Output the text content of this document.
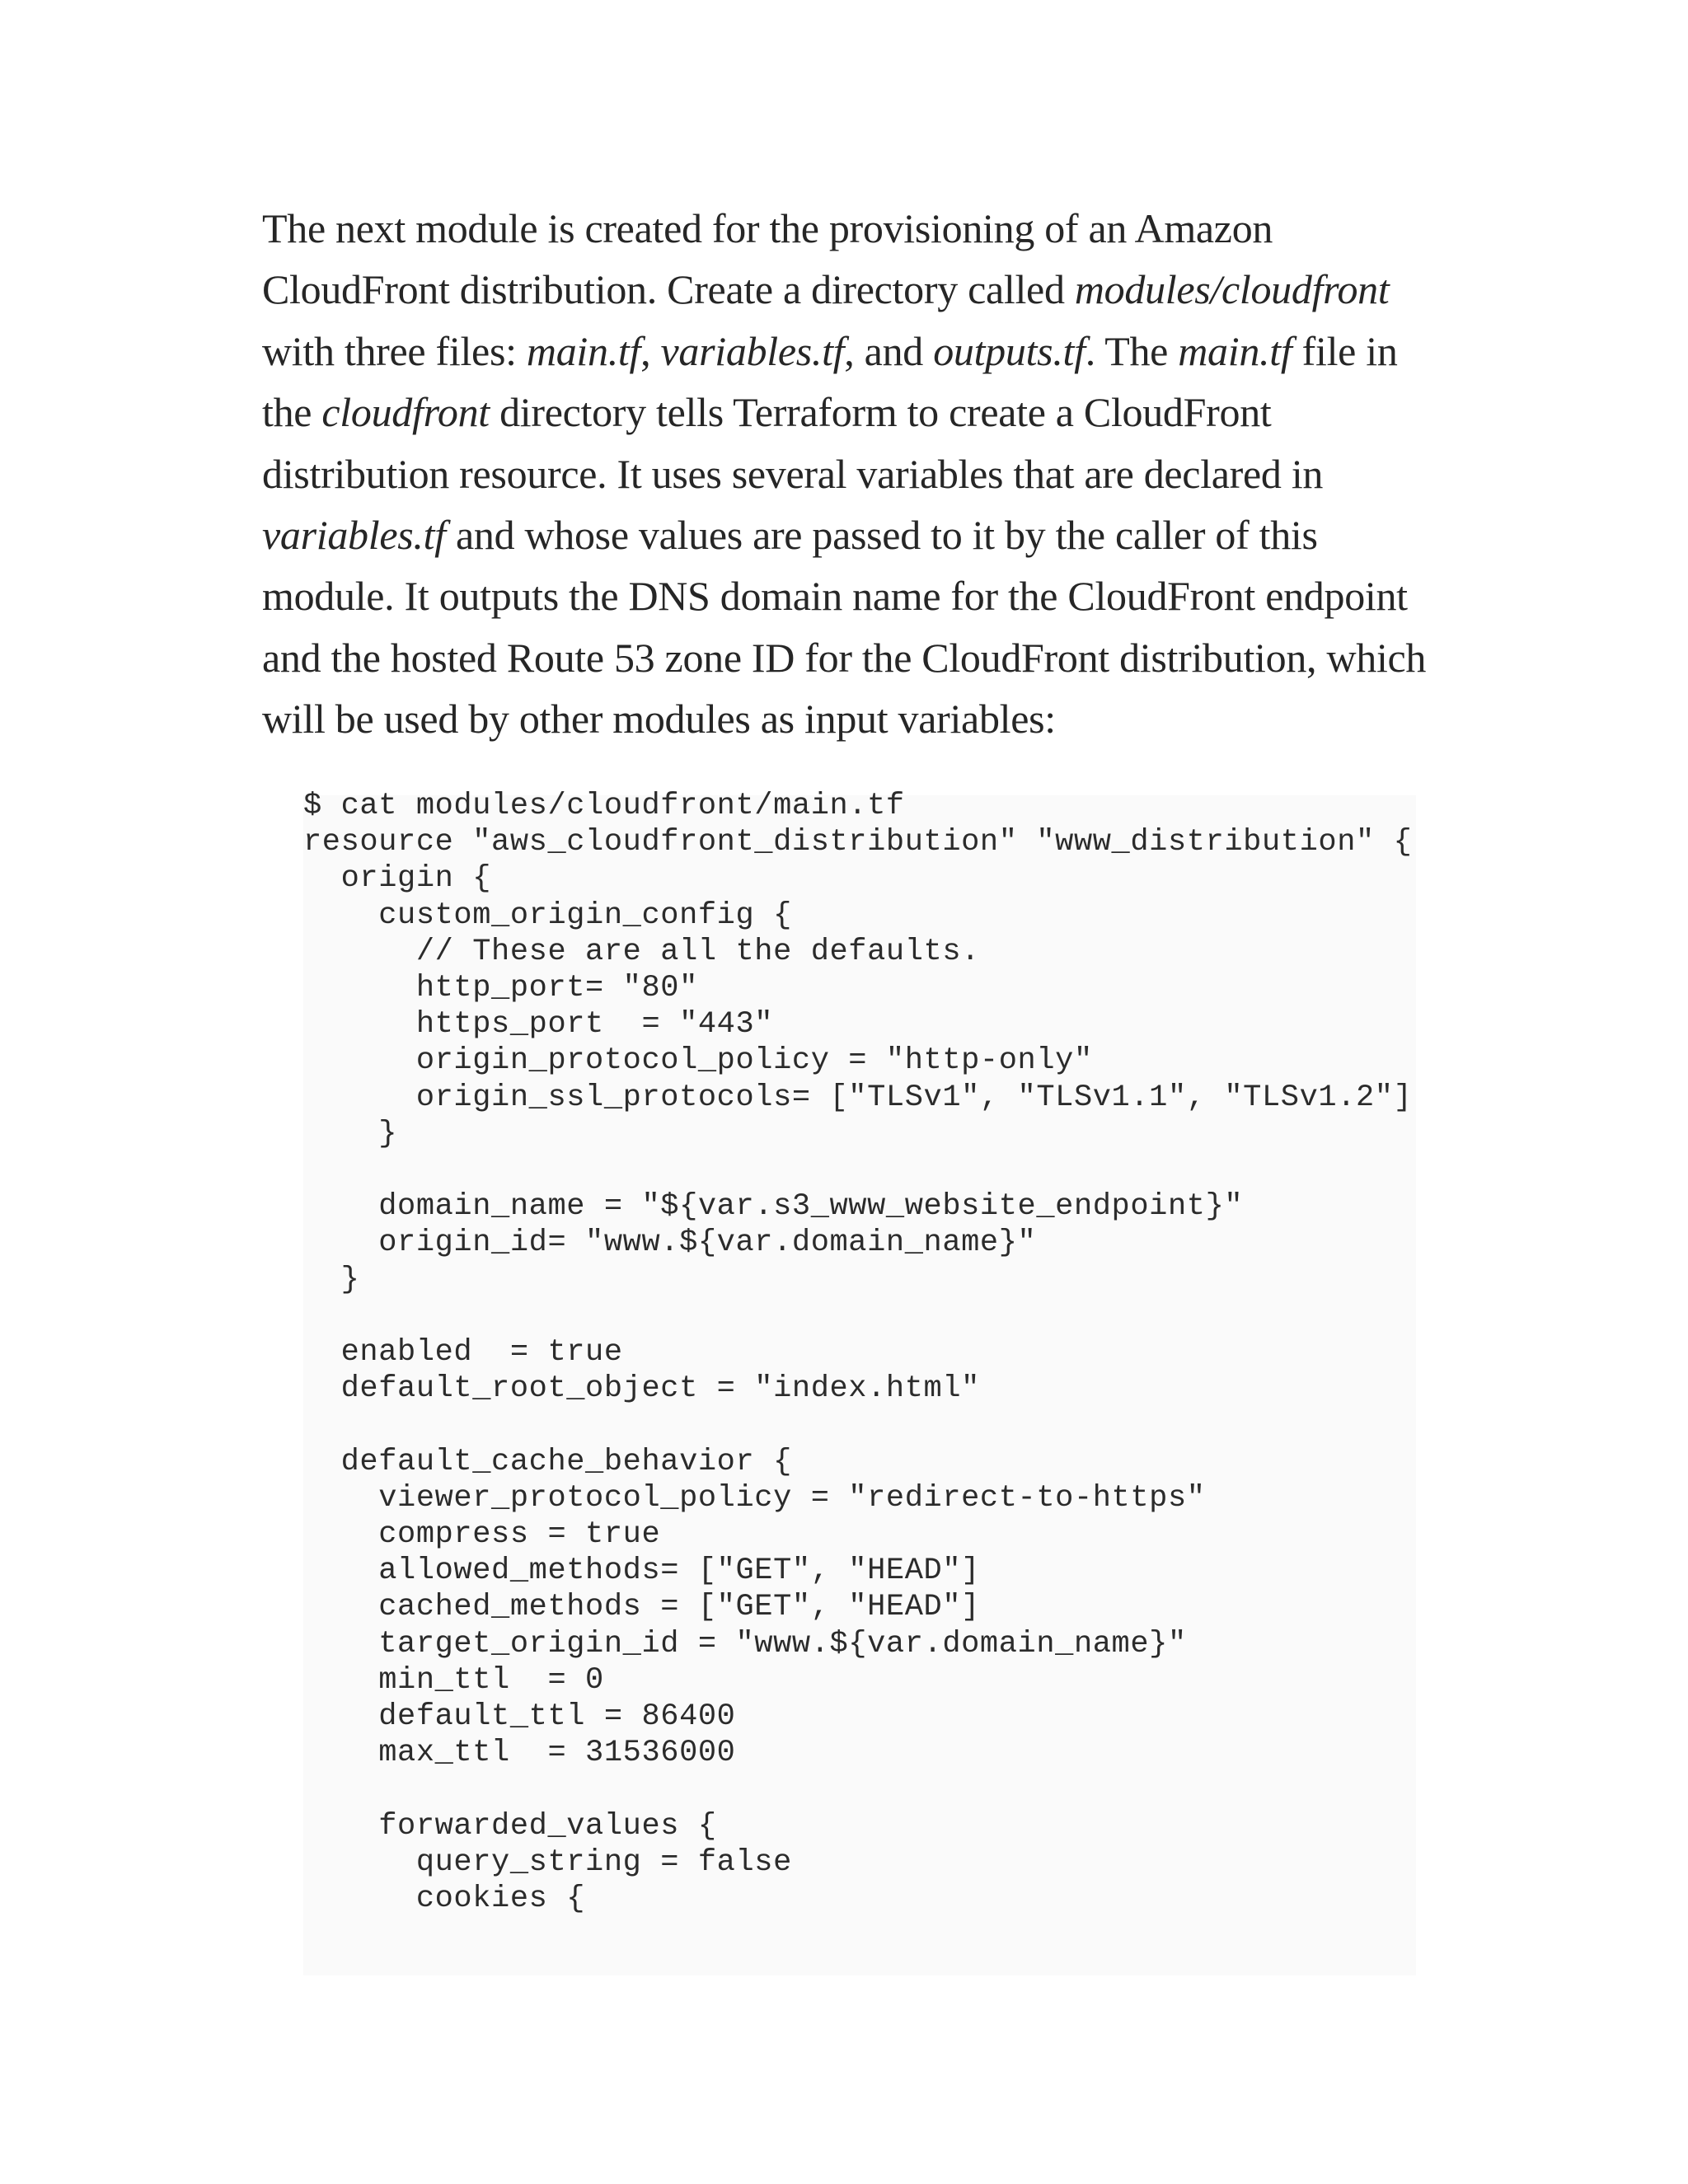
The next module is created for the provisioning of an Amazon CloudFront distribution. Create a directory called modules/cloudfront with three files: main.tf, variables.tf, and outputs.tf. The main.tf file in the cloudfront directory tells Terraform to create a CloudFront distribution resource. It uses several variables that are declared in variables.tf and whose values are passed to it by the caller of this module. It outputs the DNS domain name for the CloudFront endpoint and the hosted Route 53 zone ID for the CloudFront distribution, which will be used by other modules as input variables:

$ cat modules/cloudfront/main.tf
resource "aws_cloudfront_distribution" "www_distribution" {
origin {
custom_origin_config {
// These are all the defaults.
http_port= "80"
https_port  = "443"
origin_protocol_policy = "http-only"
origin_ssl_protocols= ["TLSv1", "TLSv1.1", "TLSv1.2"]
}
domain_name = "${var.s3_www_website_endpoint}"
origin_id= "www.${var.domain_name}"
}
enabled  = true
default_root_object = "index.html"
default_cache_behavior {
viewer_protocol_policy = "redirect-to-https"
compress = true
allowed_methods= ["GET", "HEAD"]
cached_methods = ["GET", "HEAD"]
target_origin_id = "www.${var.domain_name}"
min_ttl  = 0
default_ttl = 86400
max_ttl  = 31536000
forwarded_values {
query_string = false
cookies {
